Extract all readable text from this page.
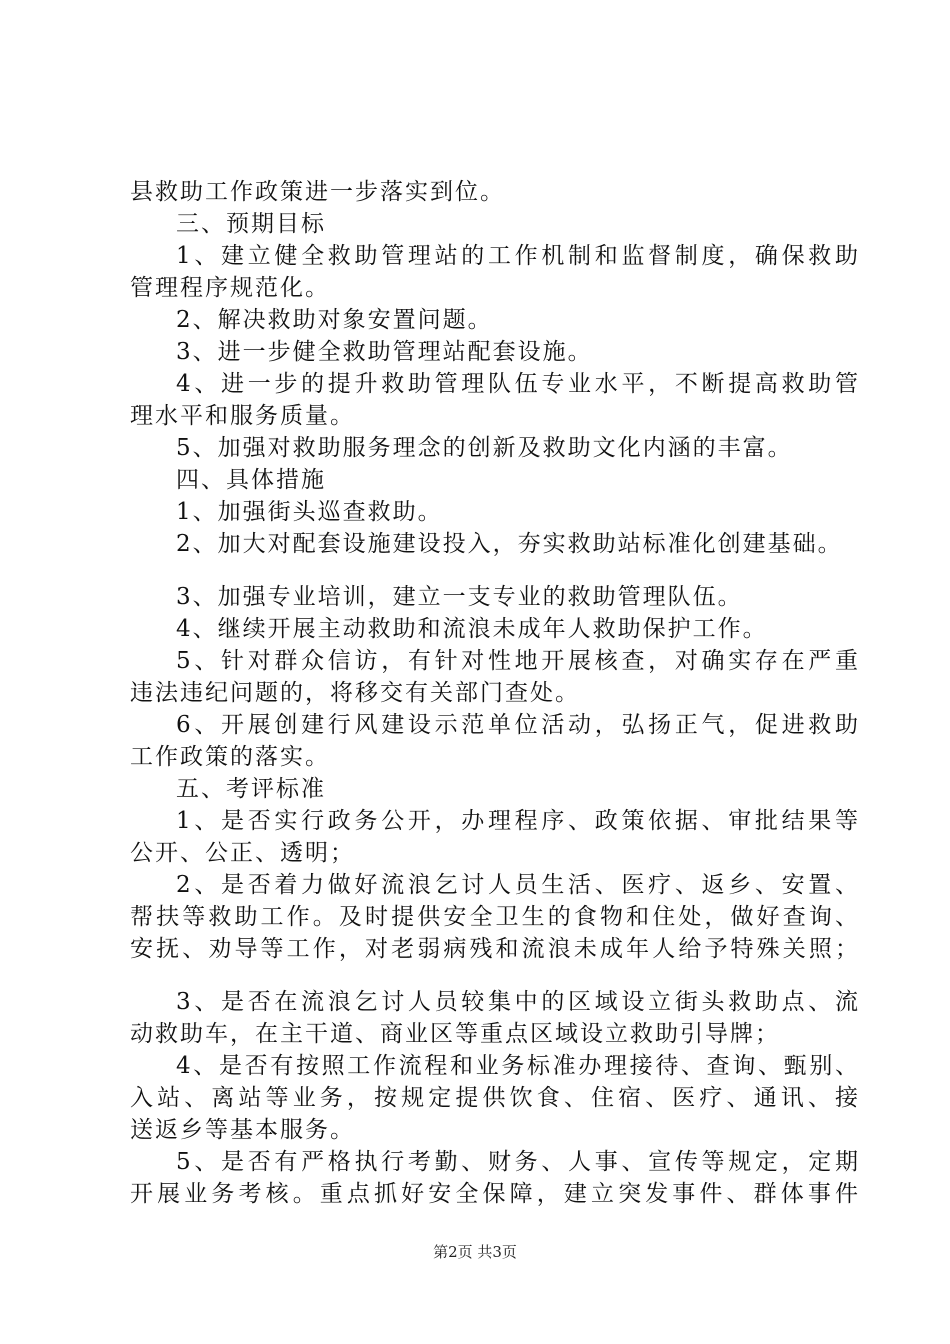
县救助工作政策进一步落实到位。
三、预期目标
1、建立健全救助管理站的工作机制和监督制度，确保救助
管理程序规范化。
2、解决救助对象安置问题。
3、进一步健全救助管理站配套设施。
4、进一步的提升救助管理队伍专业水平，不断提高救助管
理水平和服务质量。
5、加强对救助服务理念的创新及救助文化内涵的丰富。
四、具体措施
1、加强街头巡查救助。
2、加大对配套设施建设投入，夯实救助站标准化创建基础。
3、加强专业培训，建立一支专业的救助管理队伍。
4、继续开展主动救助和流浪未成年人救助保护工作。
5、针对群众信访，有针对性地开展核查，对确实存在严重
违法违纪问题的，将移交有关部门查处。
6、开展创建行风建设示范单位活动，弘扬正气，促进救助
工作政策的落实。
五、考评标准
1、是否实行政务公开，办理程序、政策依据、审批结果等
公开、公正、透明；
2、是否着力做好流浪乞讨人员生活、医疗、返乡、安置、
帮扶等救助工作。及时提供安全卫生的食物和住处，做好查询、
安抚、劝导等工作，对老弱病残和流浪未成年人给予特殊关照；
3、是否在流浪乞讨人员较集中的区域设立街头救助点、流
动救助车，在主干道、商业区等重点区域设立救助引导牌；
4、是否有按照工作流程和业务标准办理接待、查询、甄别、
入站、离站等业务，按规定提供饮食、住宿、医疗、通讯、接
送返乡等基本服务。
5、是否有严格执行考勤、财务、人事、宣传等规定，定期
开展业务考核。重点抓好安全保障，建立突发事件、群体事件
第2页 共3页
